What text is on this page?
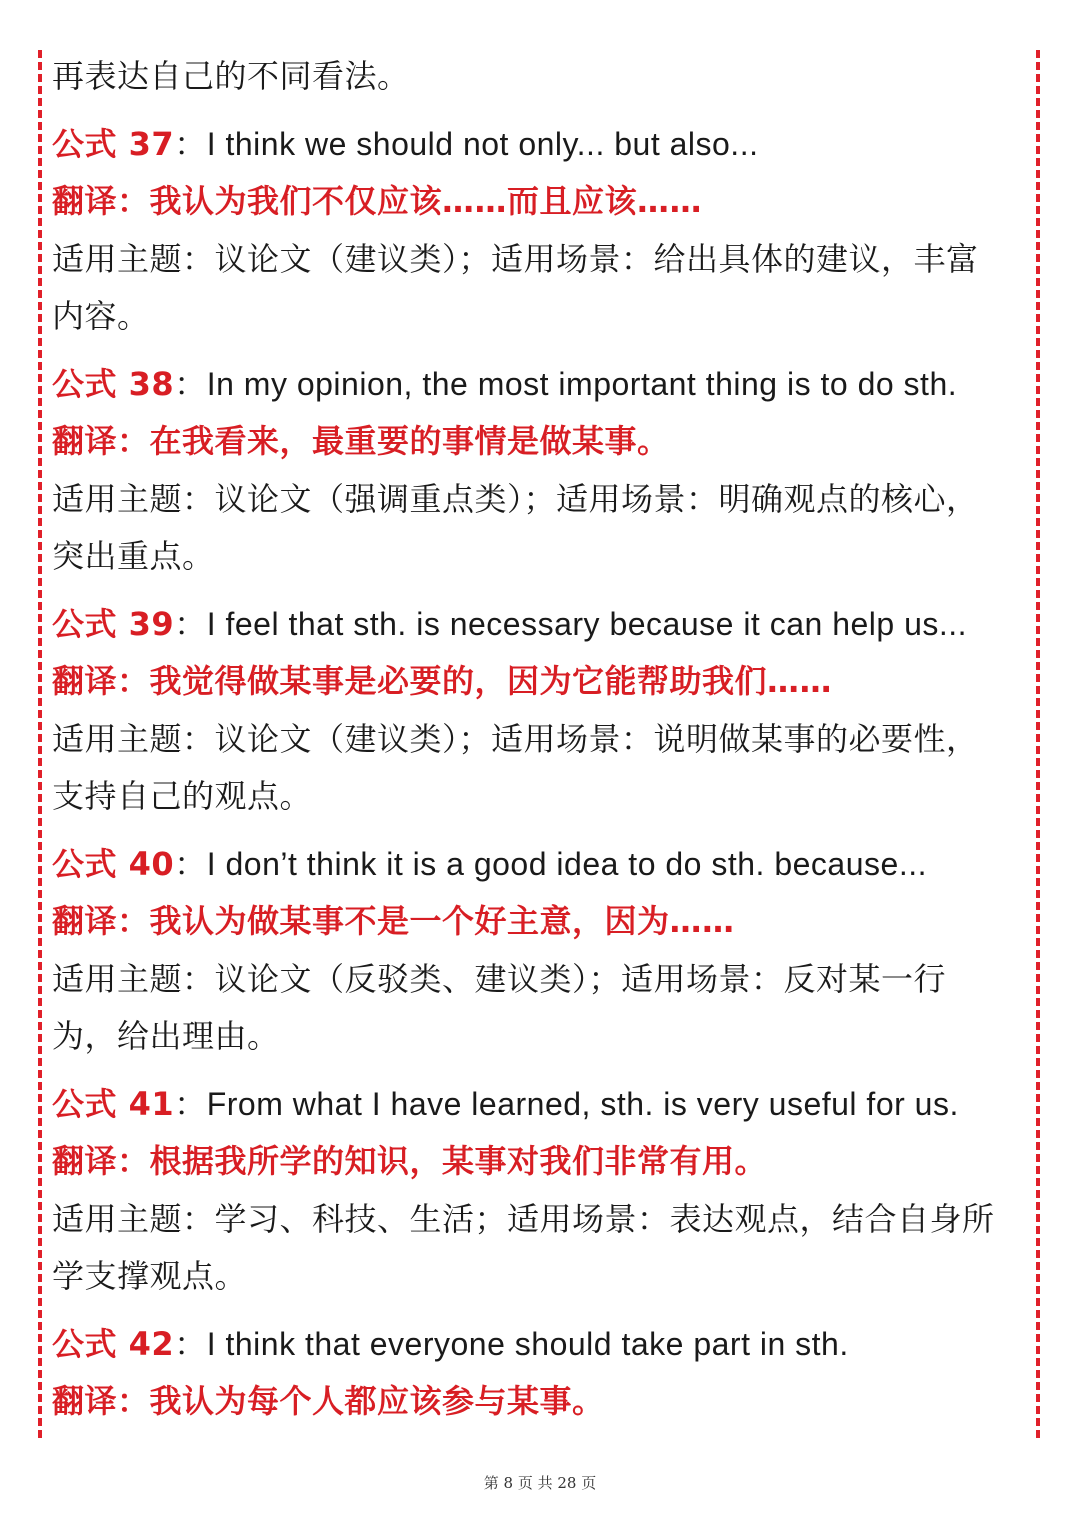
再表达自己的不同看法。
公式 37：I think we should not only... but also...
翻译：我认为我们不仅应该……而且应该……
适用主题：议论文（建议类）；适用场景：给出具体的建议，丰富
内容。
公式 38：In my opinion, the most important thing is to do sth.
翻译：在我看来，最重要的事情是做某事。
适用主题：议论文（强调重点类）；适用场景：明确观点的核心，
突出重点。
公式 39：I feel that sth. is necessary because it can help us...
翻译：我觉得做某事是必要的，因为它能帮助我们……
适用主题：议论文（建议类）；适用场景：说明做某事的必要性，
支持自己的观点。
公式 40：I don’t think it is a good idea to do sth. because...
翻译：我认为做某事不是一个好主意，因为……
适用主题：议论文（反驳类、建议类）；适用场景：反对某一行
为，给出理由。
公式 41：From what I have learned, sth. is very useful for us.
翻译：根据我所学的知识，某事对我们非常有用。
适用主题：学习、科技、生活；适用场景：表达观点，结合自身所
学支撑观点。
公式 42：I think that everyone should take part in sth.
翻译：我认为每个人都应该参与某事。
第 8 页 共 28 页
